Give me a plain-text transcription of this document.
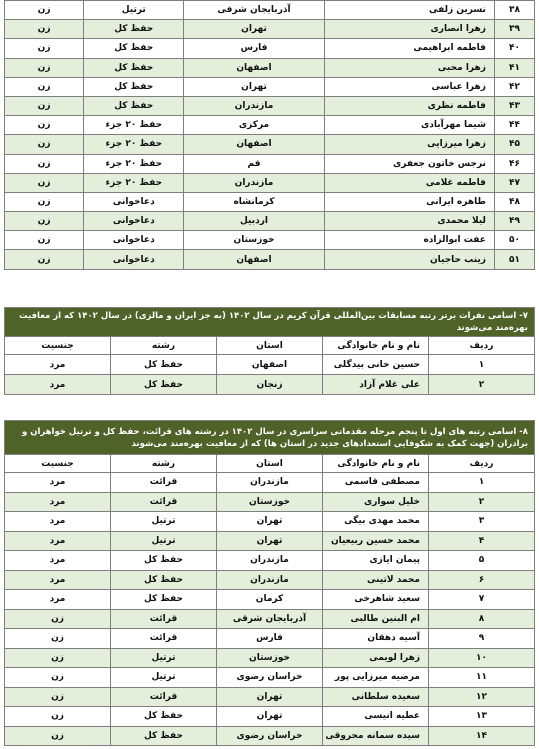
۳۸	نسرین زلفی	آذربایجان شرقی	ترتیل	زن
۳۹	زهرا انصاری	تهران	حفظ کل	زن
۴۰	فاطمه ابراهیمی	فارس	حفظ کل	زن
۴۱	زهرا محبی	اصفهان	حفظ کل	زن
۴۲	زهرا عباسی	تهران	حفظ کل	زن
۴۳	فاطمه نظری	مازندران	حفظ کل	زن
۴۴	شیما مهرآبادی	مرکزی	حفظ ۲۰ جزء	زن
۴۵	زهرا میرزایی	اصفهان	حفظ ۲۰ جزء	زن
۴۶	نرجس خاتون جعفری	قم	حفظ ۲۰ جزء	زن
۴۷	فاطمه غلامی	مازندران	حفظ ۲۰ جزء	زن
۴۸	طاهره ایرانی	کرمانشاه	دعاخوانی	زن
۴۹	لیلا محمدی	اردبیل	دعاخوانی	زن
۵۰	عفت ابوالزاده	خوزستان	دعاخوانی	زن
۵۱	زینب حاجیان	اصفهان	دعاخوانی	زن
۷- اسامی نفرات برتر رتبه مسابقات بین‌المللی قرآن کریم در سال ۱۴۰۲ (به جز ایران و مالزی) در سال ۱۴۰۲ که از معافیت بهره‌مند می‌شوند				
ردیف	نام و نام خانوادگی	استان	رشته	جنسیت
۱	حسین خانی بیدگلی	اصفهان	حفظ کل	مرد
۲	علی غلام آزاد	زنجان	حفظ کل	مرد
۸- اسامی رتبه های اول تا پنجم مرحله مقدماتی سراسری در سال ۱۴۰۲ در رشته های قرائت، حفظ کل و ترتیل خواهران و برادران (جهت کمک به شکوفایی استعدادهای جدید در استان ها) که از معافیت بهره‌مند می‌شوند				
ردیف	نام و نام خانوادگی	استان	رشته	جنسیت
۱	مصطفی قاسمی	مازندران	قرائت	مرد
۲	خلیل سواری	خوزستان	قرائت	مرد
۳	محمد مهدی بیگی	تهران	ترتیل	مرد
۴	محمد حسین ربیعیان	تهران	ترتیل	مرد
۵	پیمان ایازی	مازندران	حفظ کل	مرد
۶	محمد لاتینی	مازندران	حفظ کل	مرد
۷	سعید شاهرخی	کرمان	حفظ کل	مرد
۸	ام البنین طالبی	آذربایجان شرقی	قرائت	زن
۹	آسیه دهقان	فارس	قرائت	زن
۱۰	زهرا لویمی	خوزستان	ترتیل	زن
۱۱	مرضیه میرزایی پور	خراسان رضوی	ترتیل	زن
۱۲	سعیده سلطانی	تهران	قرائت	زن
۱۳	عطیه انیسی	تهران	حفظ کل	زن
۱۴	سیده سمانه محروقی	خراسان رضوی	حفظ کل	زن
